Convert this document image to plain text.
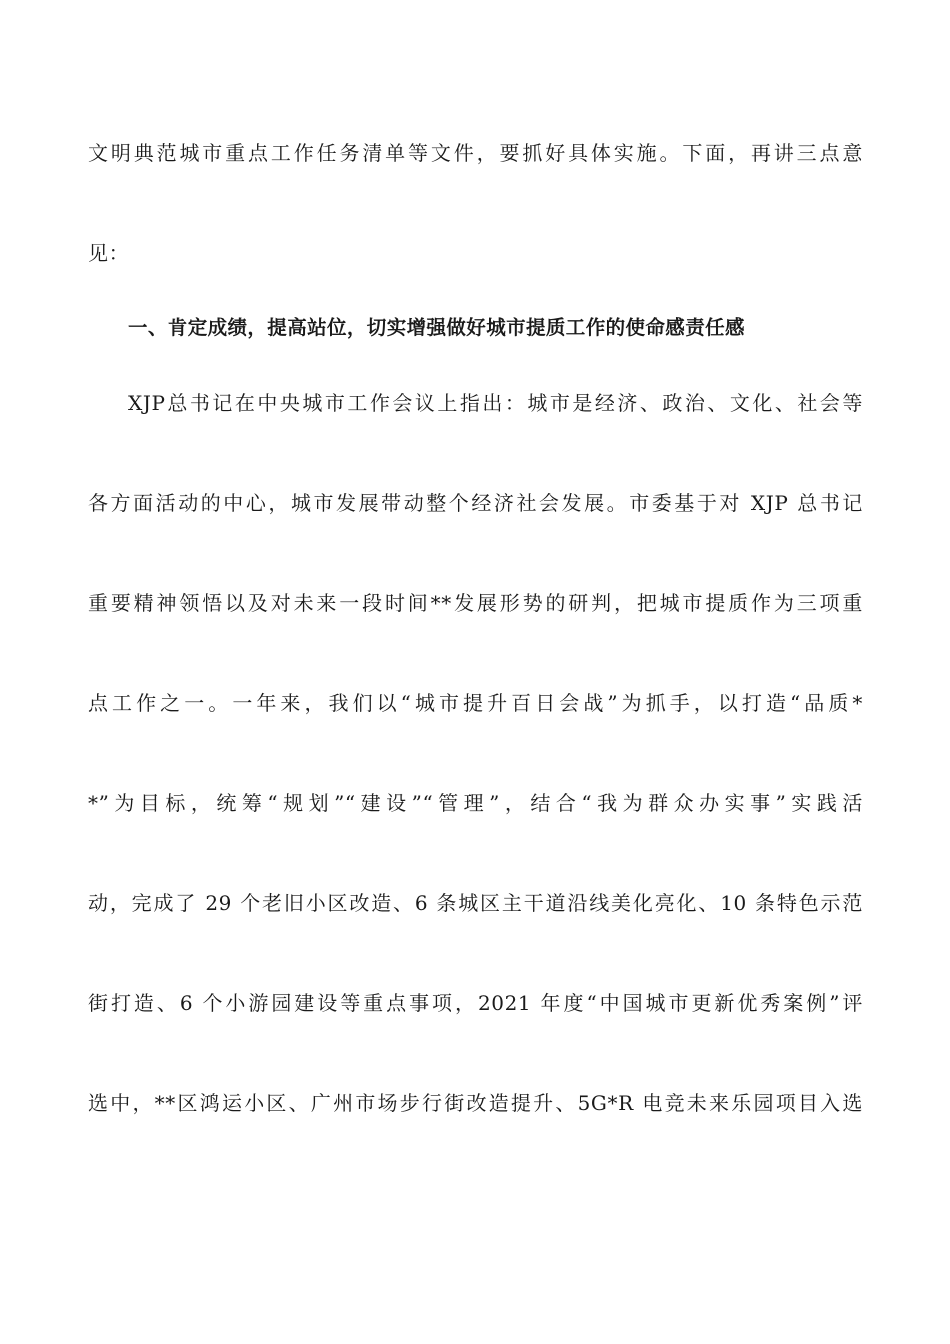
文明典范城市重点工作任务清单等文件，要抓好具体实施。下面，再讲三点意
见：
一、肯定成绩，提高站位，切实增强做好城市提质工作的使命感责任感
XJP总书记在中央城市工作会议上指出：城市是经济、政治、文化、社会等
各方面活动的中心，城市发展带动整个经济社会发展。市委基于对 XJP 总书记
重要精神领悟以及对未来一段时间**发展形势的研判，把城市提质作为三项重
点工作之一。一年来，我们以“城市提升百日会战”为抓手，以打造“品质*
*”为目标，统筹“规划”“建设”“管理”，结合“我为群众办实事”实践活
动，完成了 29 个老旧小区改造、6 条城区主干道沿线美化亮化、10 条特色示范
街打造、6 个小游园建设等重点事项，2021 年度“中国城市更新优秀案例”评
选中，**区鸿运小区、广州市场步行街改造提升、5G*R 电竞未来乐园项目入选
